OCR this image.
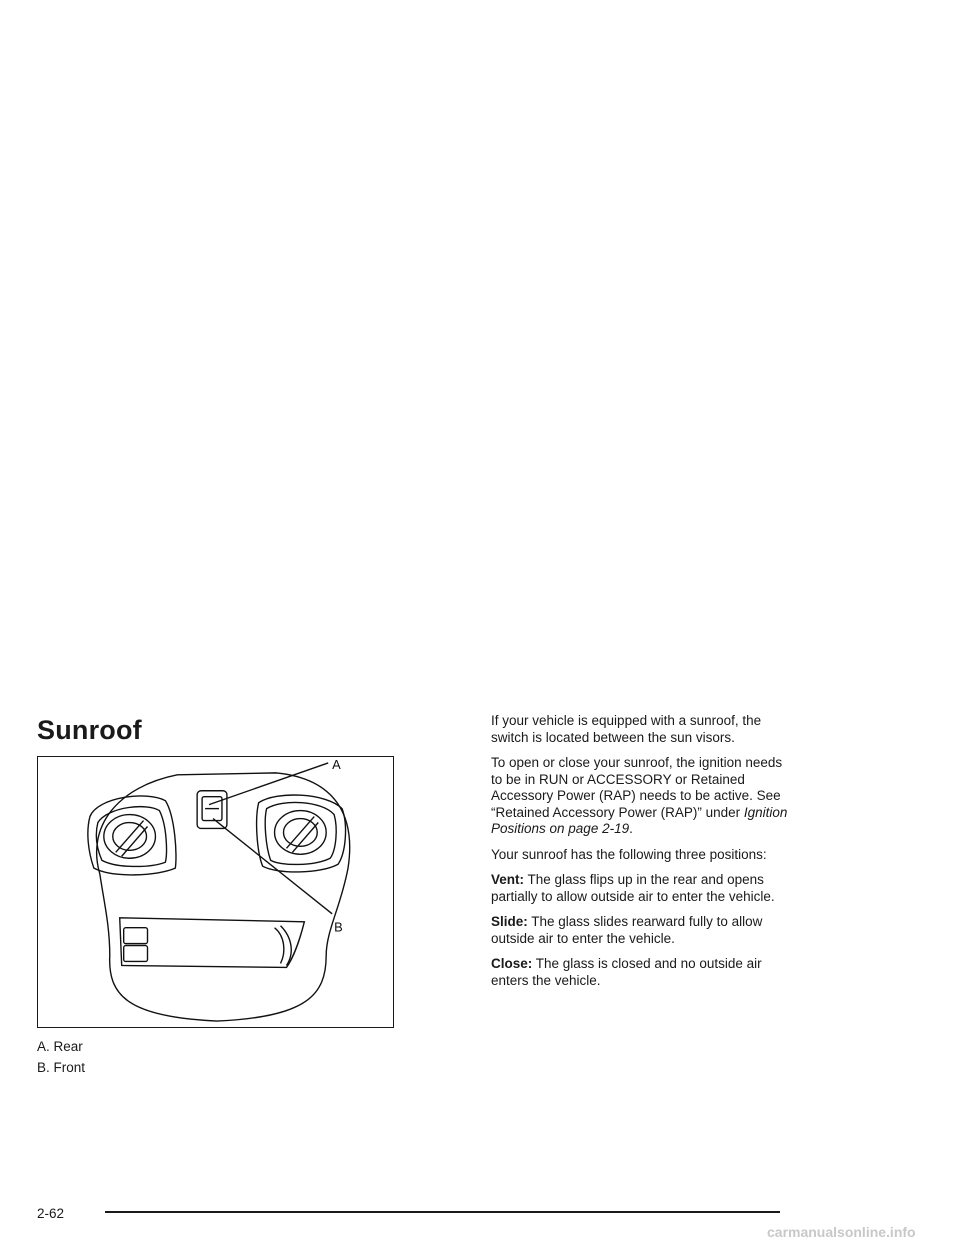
Sunroof
A
B
A. Rear
B. Front

If your vehicle is equipped with a sunroof, the switch is located between the sun visors.

To open or close your sunroof, the ignition needs to be in RUN or ACCESSORY or Retained Accessory Power (RAP) needs to be active. See “Retained Accessory Power (RAP)” under Ignition Positions on page 2-19.

Your sunroof has the following three positions:

Vent: The glass flips up in the rear and opens partially to allow outside air to enter the vehicle.

Slide: The glass slides rearward fully to allow outside air to enter the vehicle.

Close: The glass is closed and no outside air enters the vehicle.

2-62
carmanualsonline.info
